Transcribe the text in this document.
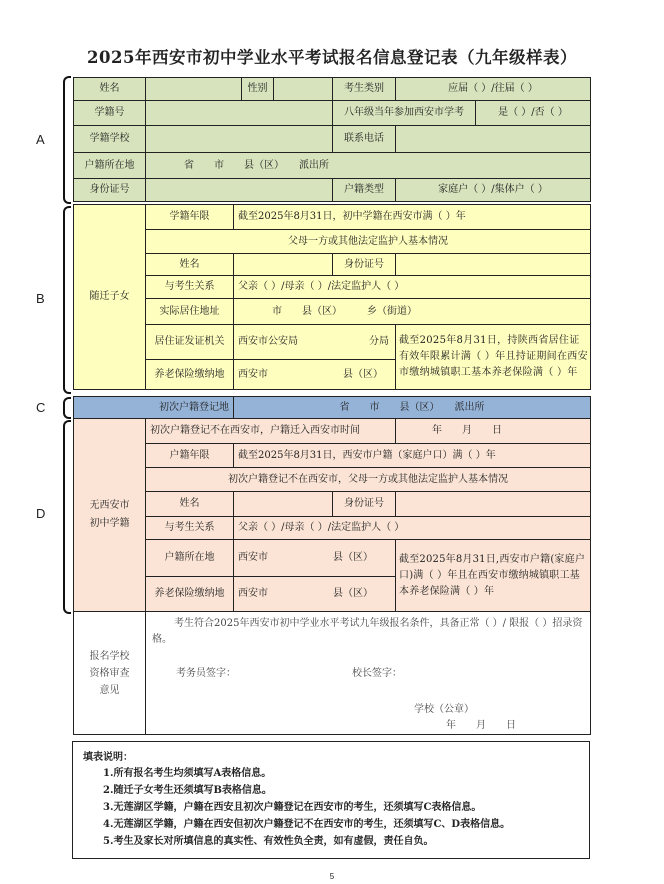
2025年西安市初中学业水平考试报名信息登记表（九年级样表）
A
B
C
D
姓名	性别	考生类别	应届（ ）/往届（ ）
学籍号	八年级当年参加西安市学考	是（ ）/否（ ）
学籍学校	联系电话
户籍所在地	省　　市　　县（区）　　派出所
身份证号	户籍类型	家庭户（ ）/集体户（ ）
随迁子女
学籍年限	截至2025年8月31日，初中学籍在西安市满（ ）年
父母一方或其他法定监护人基本情况
姓名	身份证号
与考生关系	父亲（ ）/母亲（ ）/法定监护人（ ）
实际居住地址	市　　县（区）　　　乡（街道）
居住证发证机关	西安市公安局	分局
养老保险缴纳地	西安市	县（区）
截至2025年8月31日，持陕西省居住证有效年限累计满（ ）年且持证期间在西安市缴纳城镇职工基本养老保险满（ ）年
初次户籍登记地	省　　市　　县（区）　　派出所
无西安市初中学籍
初次户籍登记不在西安市，户籍迁入西安市时间	年　　月　　日
户籍年限	截至2025年8月31日，西安市户籍（家庭户口）满（ ）年
初次户籍登记不在西安市，父母一方或其他法定监护人基本情况
姓名	身份证号
与考生关系	父亲（ ）/母亲（ ）/法定监护人（ ）
户籍所在地	西安市	县（区）
养老保险缴纳地	西安市	县（区）
截至2025年8月31日,西安市户籍(家庭户口)满（ ）年且在西安市缴纳城镇职工基本养老保险满（ ）年
报名学校资格审查意见
考生符合2025年西安市初中学业水平考试九年级报名条件，具备正常（ ）/ 限报（ ）招录资格。
考务员签字：	校长签字：
学校（公章）
年　　月　　日
填表说明：
1.所有报名考生均须填写A表格信息。
2.随迁子女考生还须填写B表格信息。
3.无莲湖区学籍，户籍在西安且初次户籍登记在西安市的考生，还须填写C表格信息。
4.无莲湖区学籍，户籍在西安但初次户籍登记不在西安市的考生，还须填写C、D表格信息。
5.考生及家长对所填信息的真实性、有效性负全责，如有虚假，责任自负。
5
